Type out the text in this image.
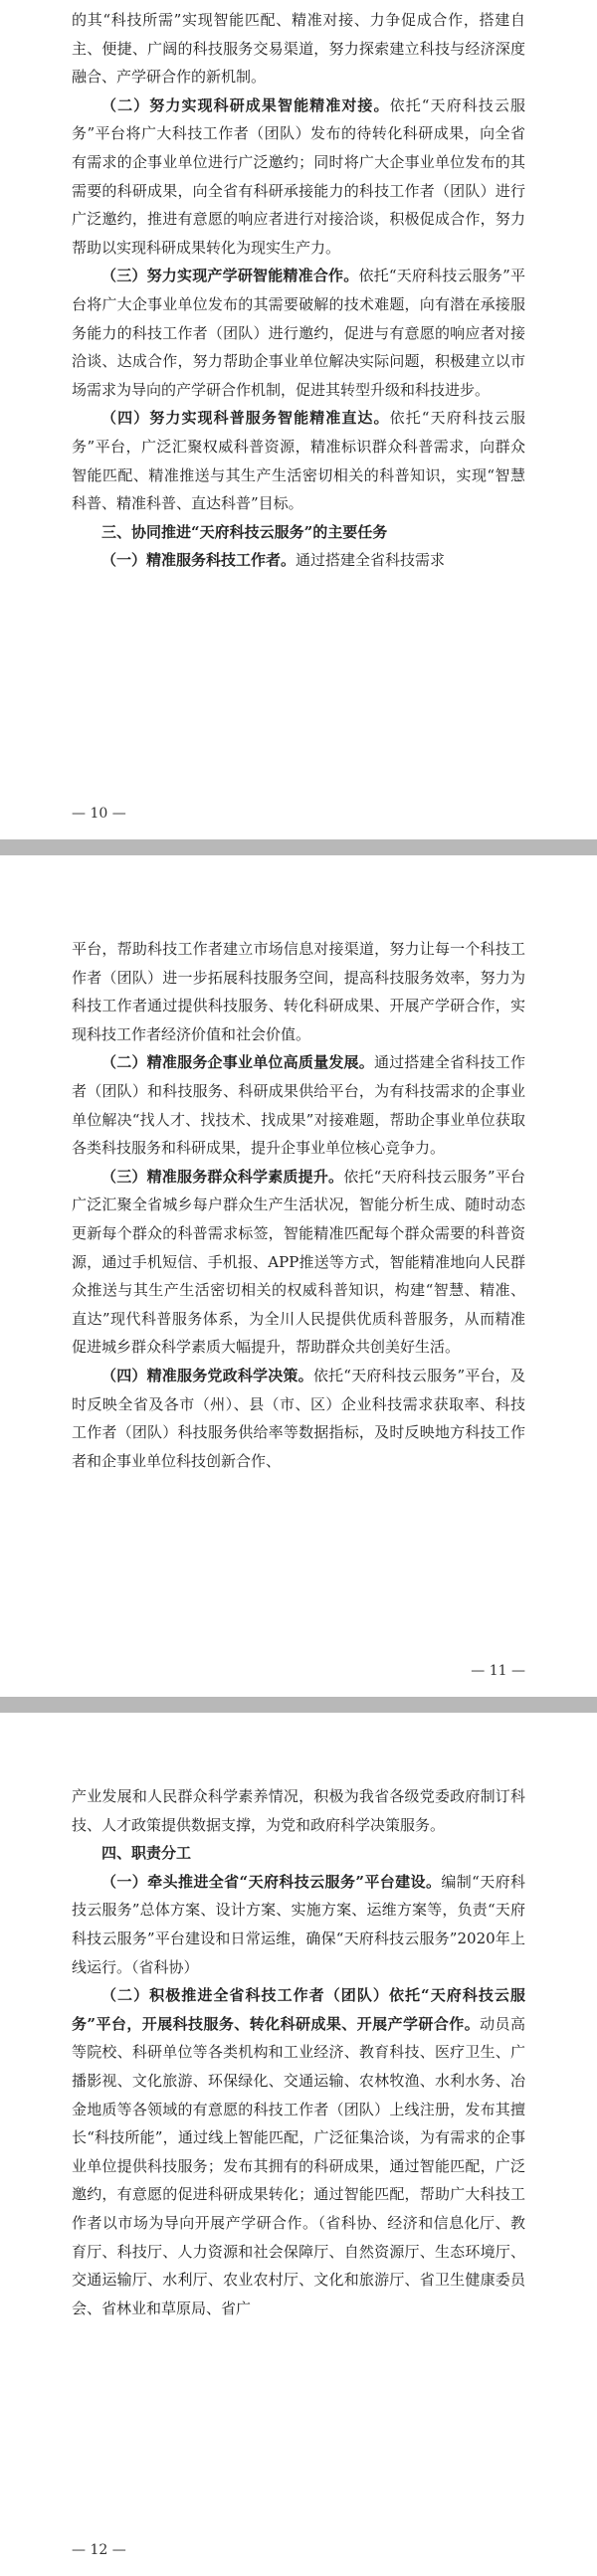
的其“科技所需”实现智能匹配、精准对接、力争促成合作，搭建自主、便捷、广阔的科技服务交易渠道，努力探索建立科技与经济深度融合、产学研合作的新机制。

（二）努力实现科研成果智能精准对接。依托“天府科技云服务”平台将广大科技工作者（团队）发布的待转化科研成果，向全省有需求的企事业单位进行广泛邀约；同时将广大企事业单位发布的其需要的科研成果，向全省有科研承接能力的科技工作者（团队）进行广泛邀约，推进有意愿的响应者进行对接洽谈，积极促成合作，努力帮助以实现科研成果转化为现实生产力。

（三）努力实现产学研智能精准合作。依托“天府科技云服务”平台将广大企事业单位发布的其需要破解的技术难题，向有潜在承接服务能力的科技工作者（团队）进行邀约，促进与有意愿的响应者对接洽谈、达成合作，努力帮助企事业单位解决实际问题，积极建立以市场需求为导向的产学研合作机制，促进其转型升级和科技进步。

（四）努力实现科普服务智能精准直达。依托“天府科技云服务”平台，广泛汇聚权威科普资源，精准标识群众科普需求，向群众智能匹配、精准推送与其生产生活密切相关的科普知识，实现“智慧科普、精准科普、直达科普”目标。

三、协同推进“天府科技云服务”的主要任务

（一）精准服务科技工作者。通过搭建全省科技需求

— 10 —

平台，帮助科技工作者建立市场信息对接渠道，努力让每一个科技工作者（团队）进一步拓展科技服务空间，提高科技服务效率，努力为科技工作者通过提供科技服务、转化科研成果、开展产学研合作，实现科技工作者经济价值和社会价值。

（二）精准服务企事业单位高质量发展。通过搭建全省科技工作者（团队）和科技服务、科研成果供给平台，为有科技需求的企事业单位解决“找人才、找技术、找成果”对接难题，帮助企事业单位获取各类科技服务和科研成果，提升企事业单位核心竞争力。

（三）精准服务群众科学素质提升。依托“天府科技云服务”平台广泛汇聚全省城乡每户群众生产生活状况，智能分析生成、随时动态更新每个群众的科普需求标签，智能精准匹配每个群众需要的科普资源，通过手机短信、手机报、APP推送等方式，智能精准地向人民群众推送与其生产生活密切相关的权威科普知识，构建“智慧、精准、直达”现代科普服务体系，为全川人民提供优质科普服务，从而精准促进城乡群众科学素质大幅提升，帮助群众共创美好生活。

（四）精准服务党政科学决策。依托“天府科技云服务”平台，及时反映全省及各市（州）、县（市、区）企业科技需求获取率、科技工作者（团队）科技服务供给率等数据指标，及时反映地方科技工作者和企事业单位科技创新合作、

— 11 —

产业发展和人民群众科学素养情况，积极为我省各级党委政府制订科技、人才政策提供数据支撑，为党和政府科学决策服务。

四、职责分工

（一）牵头推进全省“天府科技云服务”平台建设。编制“天府科技云服务”总体方案、设计方案、实施方案、运维方案等，负责“天府科技云服务”平台建设和日常运维，确保“天府科技云服务”2020年上线运行。（省科协）

（二）积极推进全省科技工作者（团队）依托“天府科技云服务”平台，开展科技服务、转化科研成果、开展产学研合作。动员高等院校、科研单位等各类机构和工业经济、教育科技、医疗卫生、广播影视、文化旅游、环保绿化、交通运输、农林牧渔、水利水务、冶金地质等各领域的有意愿的科技工作者（团队）上线注册，发布其擅长“科技所能”，通过线上智能匹配，广泛征集洽谈，为有需求的企事业单位提供科技服务；发布其拥有的科研成果，通过智能匹配，广泛邀约，有意愿的促进科研成果转化；通过智能匹配，帮助广大科技工作者以市场为导向开展产学研合作。（省科协、经济和信息化厅、教育厅、科技厅、人力资源和社会保障厅、自然资源厅、生态环境厅、交通运输厅、水利厅、农业农村厅、文化和旅游厅、省卫生健康委员会、省林业和草原局、省广

— 12 —
